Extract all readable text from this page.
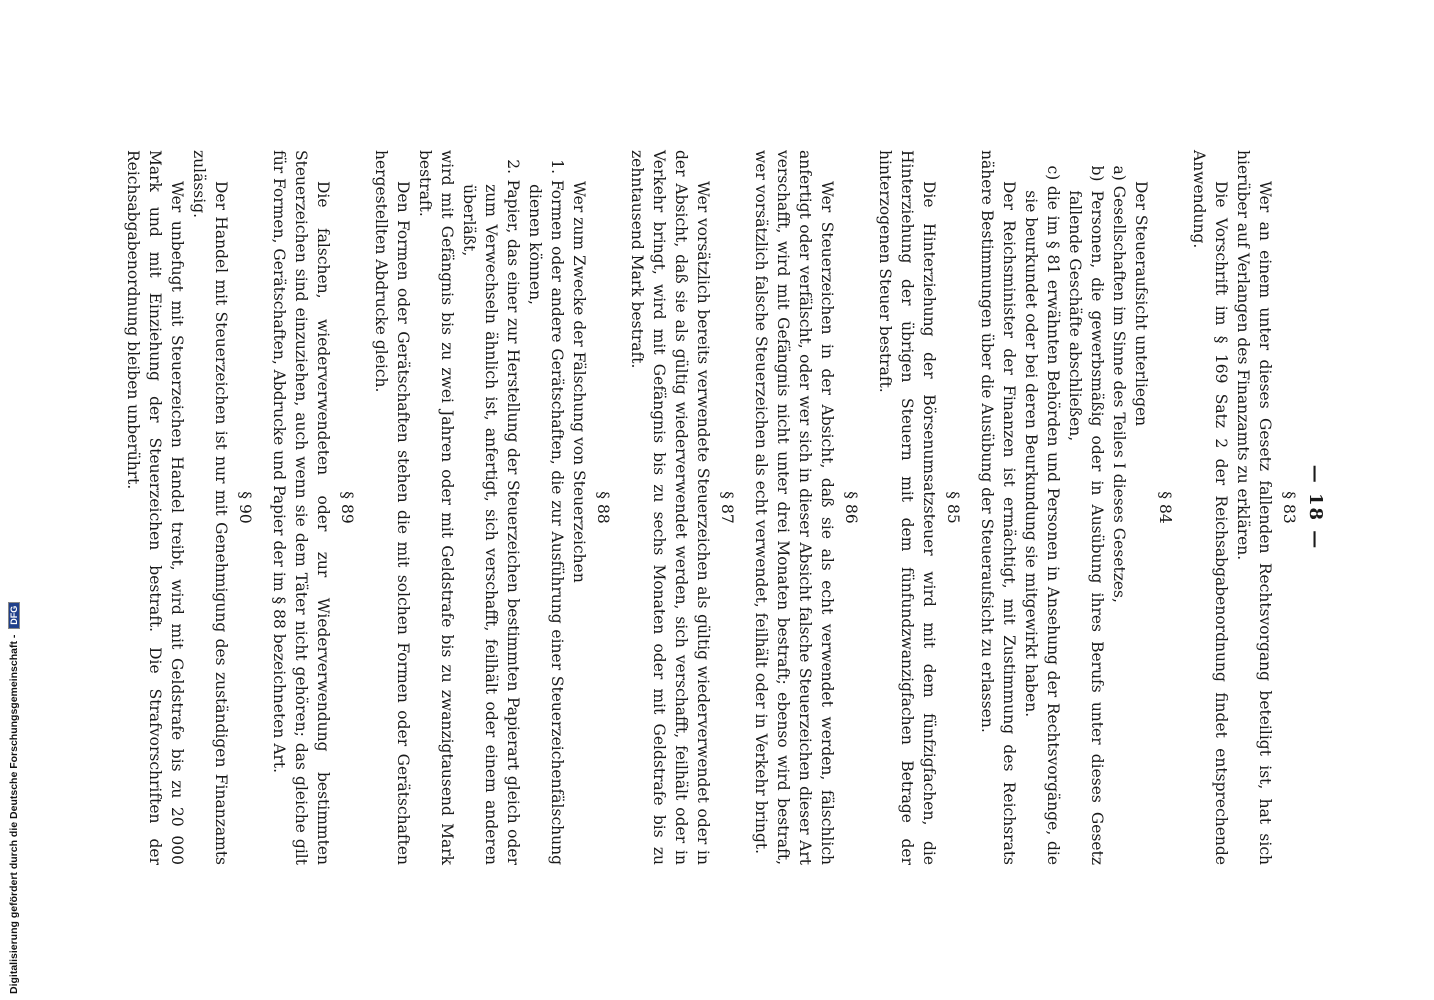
— 18 —
§ 83

Wer an einem unter dieses Gesetz fallenden Rechtsvorgang beteiligt ist, hat sich hierüber auf Verlangen des Finanzamts zu erklären.

Die Vorschrift im § 169 Satz 2 der Reichsabgabenordnung findet entsprechende Anwendung.

§ 84

Der Steueraufsicht unterliegen

a) Gesellschaften im Sinne des Teiles I dieses Gesetzes,
b) Personen, die gewerbsmäßig oder in Ausübung ihres Berufs unter dieses Gesetz fallende Geschäfte abschließen,
c) die im § 81 erwähnten Behörden und Personen in Ansehung der Rechtsvorgänge, die sie beurkundet oder bei deren Beurkundung sie mitgewirkt haben.

Der Reichsminister der Finanzen ist ermächtigt, mit Zustimmung des Reichsrats nähere Bestimmungen über die Ausübung der Steueraufsicht zu erlassen.

§ 85

Die Hinterziehung der Börsenumsatzsteuer wird mit dem fünfzigfachen, die Hinterziehung der übrigen Steuern mit dem fünfundzwanzigfachen Betrage der hinterzogenen Steuer bestraft.

§ 86

Wer Steuerzeichen in der Absicht, daß sie als echt verwendet werden, fälschlich anfertigt oder verfälscht, oder wer sich in dieser Absicht falsche Steuerzeichen dieser Art verschafft, wird mit Gefängnis nicht unter drei Monaten bestraft; ebenso wird bestraft, wer vorsätzlich falsche Steuerzeichen als echt verwendet, feilhält oder in Verkehr bringt.

§ 87

Wer vorsätzlich bereits verwendete Steuerzeichen als gültig wiederverwendet oder in der Absicht, daß sie als gültig wiederverwendet werden, sich verschafft, feilhält oder in Verkehr bringt, wird mit Gefängnis bis zu sechs Monaten oder mit Geldstrafe bis zu zehntausend Mark bestraft.

§ 88

Wer zum Zwecke der Fälschung von Steuerzeichen

1. Formen oder andere Gerätschaften, die zur Ausführung einer Steuerzeichenfälschung dienen können,
2. Papier, das einer zur Herstellung der Steuerzeichen bestimmten Papierart gleich oder zum Verwechseln ähnlich ist, anfertigt, sich verschafft, feilhält oder einem anderen überläßt,

wird mit Gefängnis bis zu zwei Jahren oder mit Geldstrafe bis zu zwanzigtausend Mark bestraft.

Den Formen oder Gerätschaften stehen die mit solchen Formen oder Gerätschaften hergestellten Abdrucke gleich.

§ 89

Die falschen, wiederverwendeten oder zur Wiederverwendung bestimmten Steuerzeichen sind einzuziehen, auch wenn sie dem Täter nicht gehören; das gleiche gilt für Formen, Gerätschaften, Abdrucke und Papier der im § 88 bezeichneten Art.

§ 90

Der Handel mit Steuerzeichen ist nur mit Genehmigung des zuständigen Finanzamts zulässig.

Wer unbefugt mit Steuerzeichen Handel treibt, wird mit Geldstrafe bis zu 20 000 Mark und mit Einziehung der Steuerzeichen bestraft. Die Strafvorschriften der Reichsabgabenordnung bleiben unberührt.

Digitalisierung gefördert durch die Deutsche Forschungsgemeinschaft - DFG
